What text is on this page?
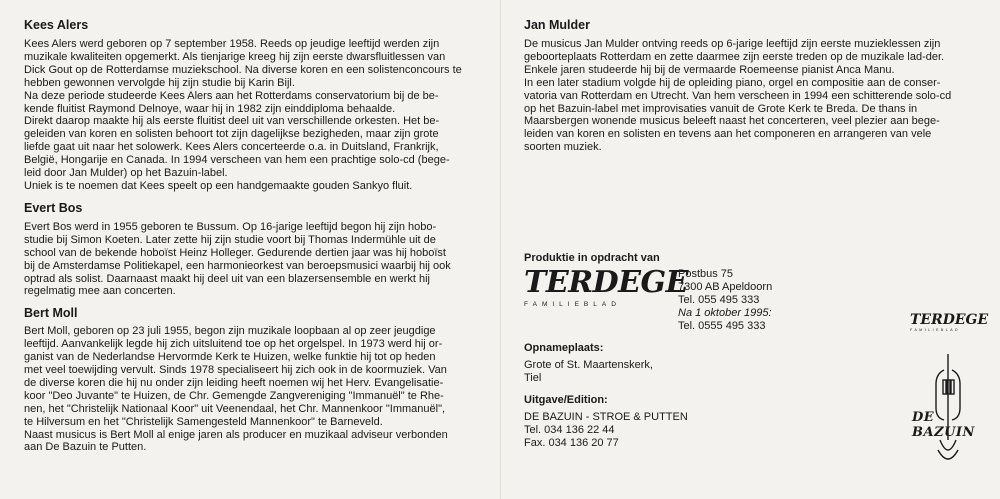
Kees Alers

Kees Alers werd geboren op 7 september 1958. Reeds op jeudige leeftijd werden zijn

muzikale kwaliteiten opgemerkt. Als tienjarige kreeg hij zijn eerste dwarsfluitlessen van

Dick Gout op de Rotterdamse muziekschool. Na diverse koren en een solistenconcours te

hebben gewonnen vervolgde hij zijn studie bij Karin Bijl.

Na deze periode studeerde Kees Alers aan het Rotterdams conservatorium bij de be-

kende fluitist Raymond Delnoye, waar hij in 1982 zijn einddiploma behaalde.

Direkt daarop maakte hij als eerste fluitist deel uit van verschillende orkesten. Het be-

geleiden van koren en solisten behoort tot zijn dagelijkse bezigheden, maar zijn grote

liefde gaat uit naar het solowerk. Kees Alers concerteerde o.a. in Duitsland, Frankrijk,

België, Hongarije en Canada. In 1994 verscheen van hem een prachtige solo-cd (bege-

leid door Jan Mulder) op het Bazuin-label.

Uniek is te noemen dat Kees speelt op een handgemaakte gouden Sankyo fluit.

Evert Bos

Evert Bos werd in 1955 geboren te Bussum. Op 16-jarige leeftijd begon hij zijn hobo-

studie bij Simon Koeten. Later zette hij zijn studie voort bij Thomas Indermühle uit de

school van de bekende hoboïst Heinz Holleger. Gedurende dertien jaar was hij hoboïst

bij de Amsterdamse Politiekapel, een harmonieorkest van beroepsmusici waarbij hij ook

optrad als solist. Daarnaast maakt hij deel uit van een blazersensemble en werkt hij

regelmatig mee aan concerten.

Bert Moll

Bert Moll, geboren op 23 juli 1955, begon zijn muzikale loopbaan al op zeer jeugdige

leeftijd. Aanvankelijk legde hij zich uitsluitend toe op het orgelspel. In 1973 werd hij or-

ganist van de Nederlandse Hervormde Kerk te Huizen, welke funktie hij tot op heden

met veel toewijding vervult. Sinds 1978 specialiseert hij zich ook in de koormuziek. Van

de diverse koren die hij nu onder zijn leiding heeft noemen wij het Herv. Evangelisatie-

koor "Deo Juvante" te Huizen, de Chr. Gemengde Zangvereniging "Immanuël" te Rhe-

nen, het "Christelijk Nationaal Koor" uit Veenendaal, het Chr. Mannenkoor "Immanuël",

te Hilversum en het "Christelijk Samengesteld Mannenkoor" te Barneveld.

Naast musicus is Bert Moll al enige jaren als producer en muzikaal adviseur verbonden

aan De Bazuin te Putten.

Jan Mulder

De musicus Jan Mulder ontving reeds op 6-jarige leeftijd zijn eerste muzieklessen zijn

geboorteplaats Rotterdam en zette daarmee zijn eerste treden op de muzikale lad-der.

Enkele jaren studeerde hij bij de vermaarde Roemeense pianist Anca Manu.

In een later stadium volgde hij de opleiding piano, orgel en compositie aan de conser-

vatoria van Rotterdam en Utrecht. Van hem verscheen in 1994 een schitterende solo-cd

op het Bazuin-label met improvisaties vanuit de Grote Kerk te Breda. De thans in

Maarsbergen wonende musicus beleeft naast het concerteren, veel plezier aan bege-

leiden van koren en solisten en tevens aan het componeren en arrangeren van vele

soorten muziek.

Produktie in opdracht van
TERDEGE
FAMILIEBLAD
Postbus 75
7300 AB Apeldoorn
Tel. 055 495 333
Na 1 oktober 1995:
Tel. 0555 495 333
Opnameplaats:
Grote of St. Maartenskerk,
Tiel
Uitgave/Edition:
DE BAZUIN - STROE & PUTTEN
Tel. 034 136 22 44
Fax. 034 136 20 77
TERDEGE
FAMILIEBLAD
DE BAZUIN
